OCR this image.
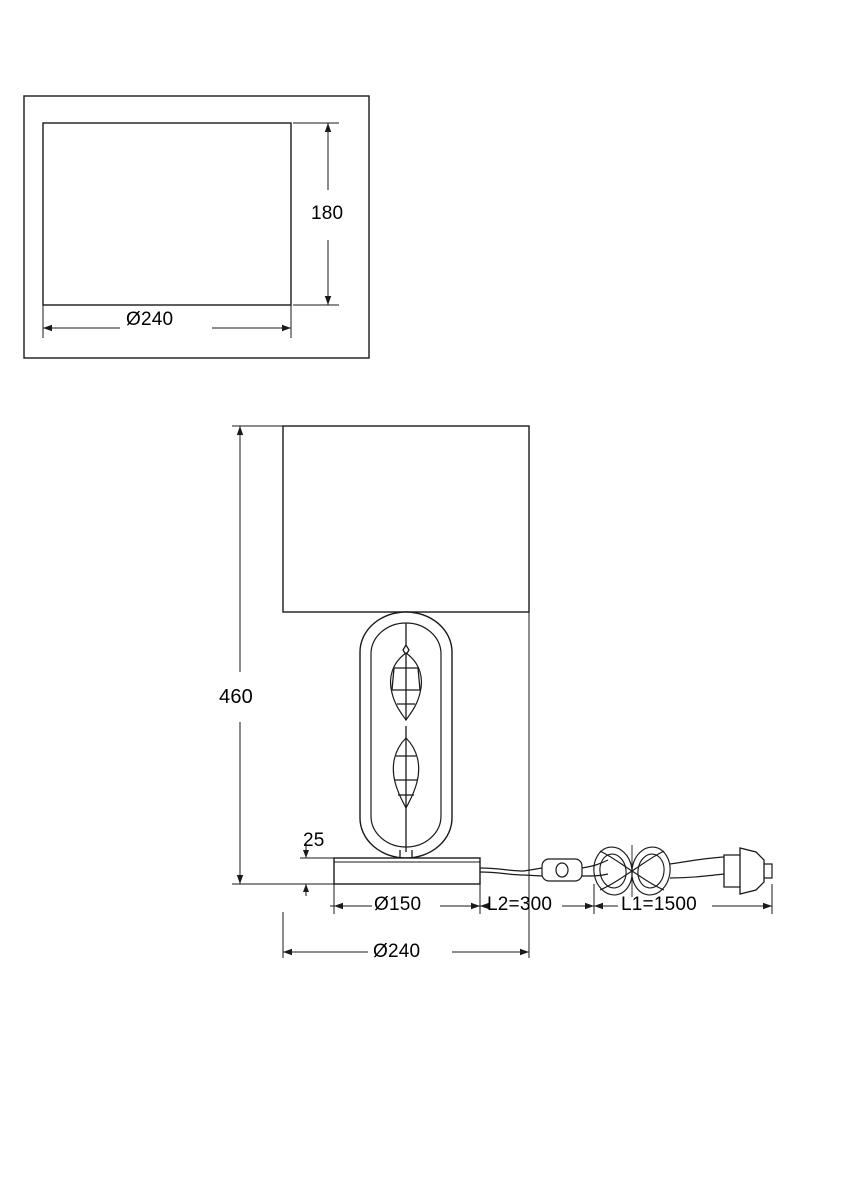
180
Ø240
460
25
Ø150	L2=300	L1=1500
Ø240
